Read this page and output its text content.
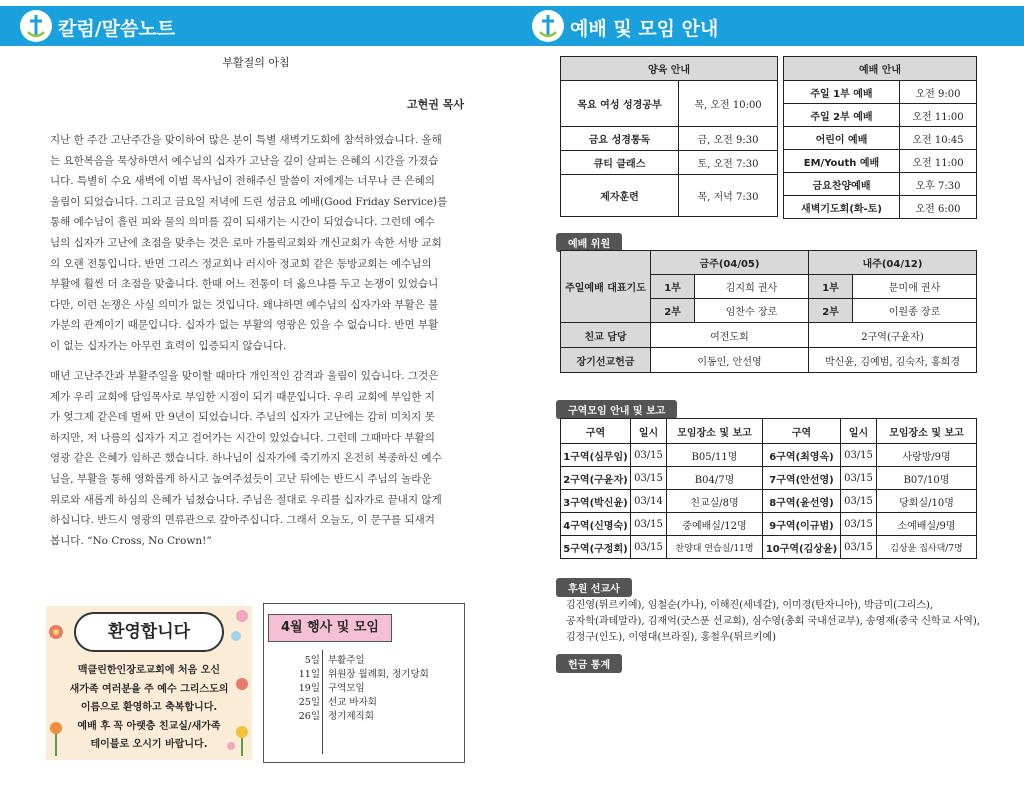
칼럼/말씀노트
부활절의 아침
고현권 목사
지난 한 주간 고난주간을 맞이하여 많은 분이 특별 새벽기도회에 참석하였습니다. 올해
는 요한복음을 묵상하면서 예수님의 십자가 고난을 깊이 살피는 은혜의 시간을 가졌습
니다. 특별히 수요 새벽에 이범 목사님이 전해주신 말씀이 저에게는 너무나 큰 은혜의
울림이 되었습니다. 그리고 금요일 저녁에 드린 성금요 예배(Good Friday Service)를
통해 예수님이 흘린 피와 물의 의미를 깊이 되새기는 시간이 되었습니다. 그런데 예수
님의 십자가 고난에 초점을 맞추는 것은 로마 가톨릭교회와 개신교회가 속한 서방 교회
의 오랜 전통입니다. 반면 그리스 정교회나 러시아 정교회 같은 동방교회는 예수님의
부활에 훨씬 더 초점을 맞춥니다. 한때 어느 전통이 더 옳으냐를 두고 논쟁이 있었습니
다만, 이런 논쟁은 사실 의미가 없는 것입니다. 왜냐하면 예수님의 십자가와 부활은 불
가분의 관계이기 때문입니다. 십자가 없는 부활의 영광은 있을 수 없습니다. 반면 부활
이 없는 십자가는 아무런 효력이 입증되지 않습니다.
매년 고난주간과 부활주일을 맞이할 때마다 개인적인 감격과 울림이 있습니다. 그것은
제가 우리 교회에 담임목사로 부임한 시점이 되기 때문입니다. 우리 교회에 부임한 지
가 엊그제 같은데 벌써 만 9년이 되었습니다. 주님의 십자가 고난에는 감히 미치지 못
하지만, 저 나름의 십자가 지고 걸어가는 시간이 있었습니다. 그런데 그때마다 부활의
영광 같은 은혜가 임하곤 했습니다. 하나님이 십자가에 죽기까지 온전히 복종하신 예수
님을, 부활을 통해 영화롭게 하시고 높여주셨듯이 고난 뒤에는 반드시 주님의 놀라운
위로와 새롭게 하심의 은혜가 넘쳤습니다. 주님은 절대로 우리를 십자가로 끝내지 않게
하십니다. 반드시 영광의 면류관으로 갚아주십니다. 그래서 오늘도, 이 문구를 되새겨
봅니다. “No Cross, No Crown!”
환영합니다
맥클린한인장로교회에 처음 오신
새가족 여러분을 주 예수 그리스도의
이름으로 환영하고 축복합니다.
예배 후 꼭 아랫층 친교실/새가족
테이블로 오시기 바랍니다.
4월 행사 및 모임
5일 부활주일
11일 위원장 월례회, 정기당회
19일 구역모임
25일 선교 바자회
26일 정기제직회
예배 및 모임 안내
양육 안내	
목요 여성 성경공부	목, 오전 10:00
금요 성경통독	금, 오전 9:30
큐티 클래스	토, 오전 7:30
제자훈련	목, 저녁 7:30
예배 안내	
주일 1부 예배	오전 9:00
주일 2부 예배	오전 11:00
어린이 예배	오전 10:45
EM/Youth 예배	오전 11:00
금요찬양예배	오후 7:30
새벽기도회(화-토)	오전 6:00
예배 위원
주일예배 대표기도	금주(04/05)		내주(04/12)	
	1부	김지희 권사	1부	문미애 권사
	2부	임찬수 장로	2부	이원종 장로
친교 담당	여전도회		2구역(구윤자)	
장기선교헌금	이동인, 안선영		박신윤, 김예범, 김숙자, 홍희경	
구역모임 안내 및 보고
구역	일시	모임장소 및 보고	구역	일시	모임장소 및 보고
1구역(심무임)	03/15	B05/11명	6구역(최영옥)	03/15	사랑방/9명
2구역(구윤자)	03/15	B04/7명	7구역(안선영)	03/15	B07/10명
3구역(박신윤)	03/14	친교실/8명	8구역(윤선영)	03/15	당회실/10명
4구역(신명숙)	03/15	중예배실/12명	9구역(이규범)	03/15	소예배실/9명
5구역(구정회)	03/15	찬양대 연습실/11명	10구역(김상윤)	03/15	김상윤 집사댁/7명
후원 선교사
김진영(튀르키예), 임철순(가나), 이해진(세네갈), 이미경(탄자니아), 박금미(그리스),
공자학(과테말라), 김재억(굿스푼 선교회), 심수영(총회 국내선교부), 송영재(중국 신학교 사역),
김정구(인도), 이영대(브라질), 홍철우(튀르키예)
헌금 통계
